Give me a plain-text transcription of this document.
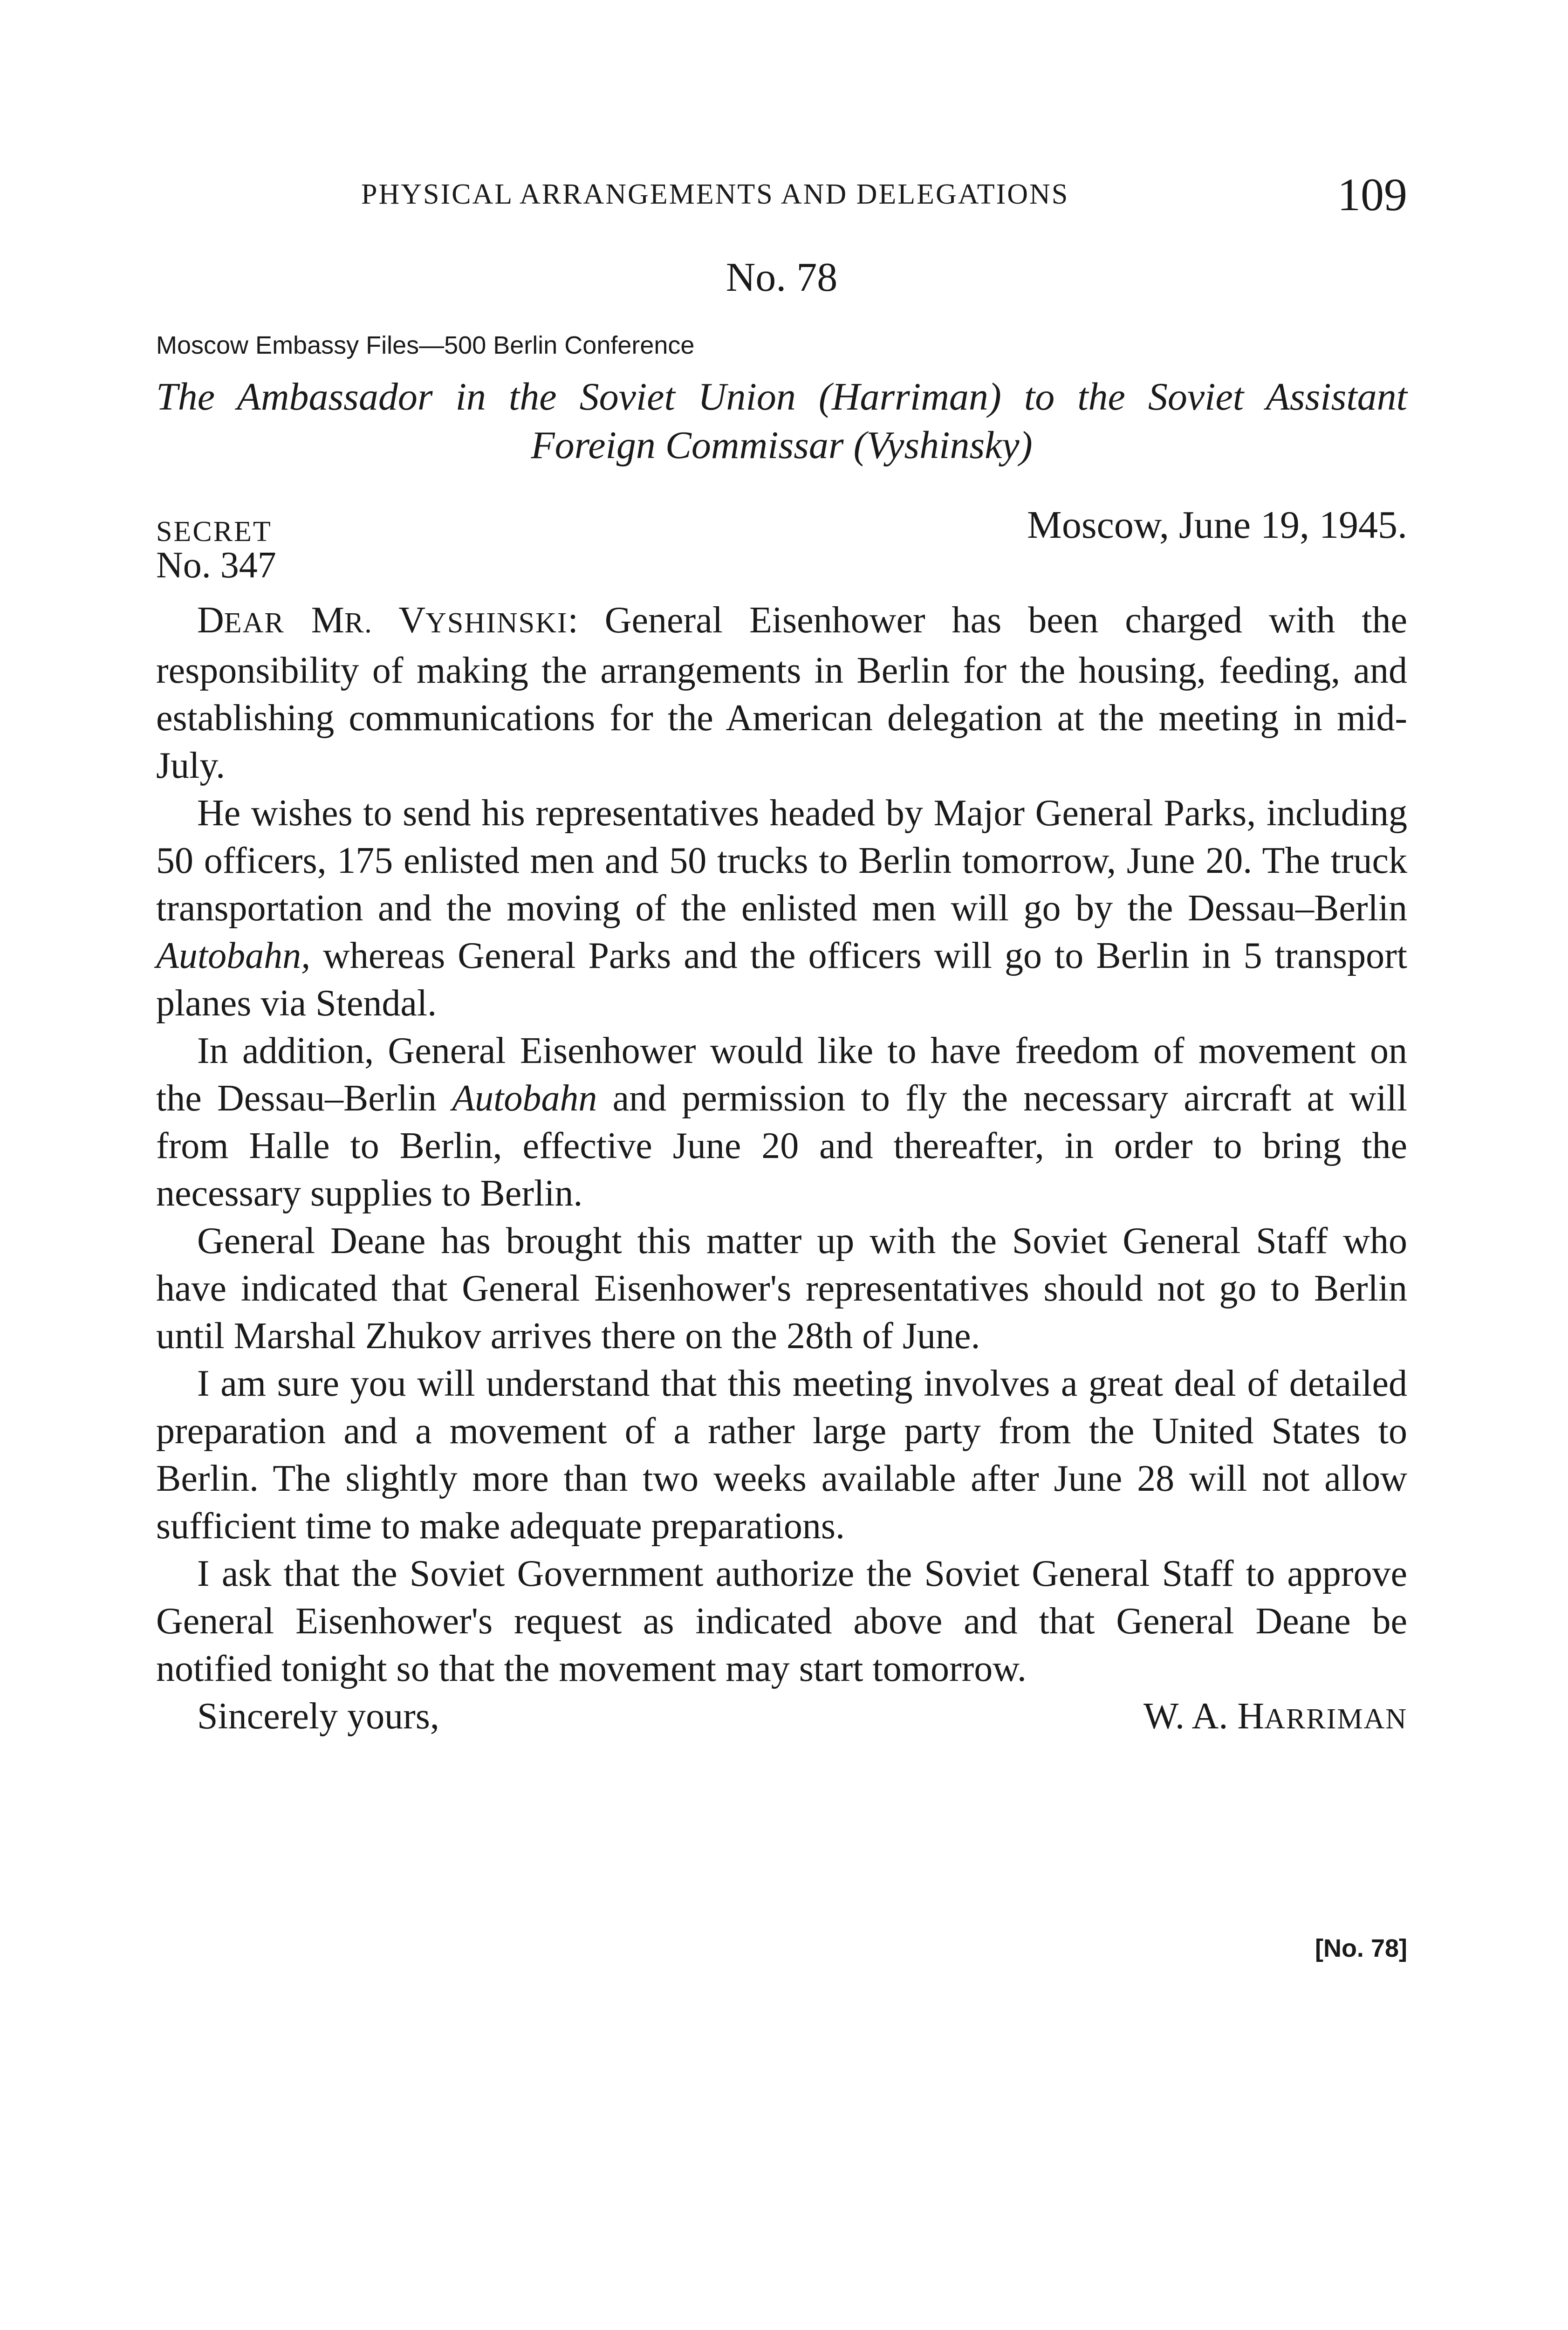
PHYSICAL ARRANGEMENTS AND DELEGATIONS	109
No. 78
Moscow Embassy Files—500 Berlin Conference
The Ambassador in the Soviet Union (Harriman) to the Soviet Assistant
Foreign Commissar (Vyshinsky)
SECRET	Moscow, June 19, 1945.
No. 347

DEAR MR. VYSHINSKI: General Eisenhower has been charged with the responsibility of making the arrangements in Berlin for the housing, feeding, and establishing communications for the American delegation at the meeting in mid-July.

He wishes to send his representatives headed by Major General Parks, including 50 officers, 175 enlisted men and 50 trucks to Berlin tomorrow, June 20. The truck transportation and the moving of the enlisted men will go by the Dessau–Berlin Autobahn, whereas General Parks and the officers will go to Berlin in 5 transport planes via Stendal.

In addition, General Eisenhower would like to have freedom of movement on the Dessau–Berlin Autobahn and permission to fly the necessary aircraft at will from Halle to Berlin, effective June 20 and thereafter, in order to bring the necessary supplies to Berlin.

General Deane has brought this matter up with the Soviet General Staff who have indicated that General Eisenhower's representatives should not go to Berlin until Marshal Zhukov arrives there on the 28th of June.

I am sure you will understand that this meeting involves a great deal of detailed preparation and a movement of a rather large party from the United States to Berlin. The slightly more than two weeks available after June 28 will not allow sufficient time to make adequate preparations.

I ask that the Soviet Government authorize the Soviet General Staff to approve General Eisenhower's request as indicated above and that General Deane be notified tonight so that the movement may start tomorrow.

Sincerely yours,	W. A. HARRIMAN
[No. 78]
